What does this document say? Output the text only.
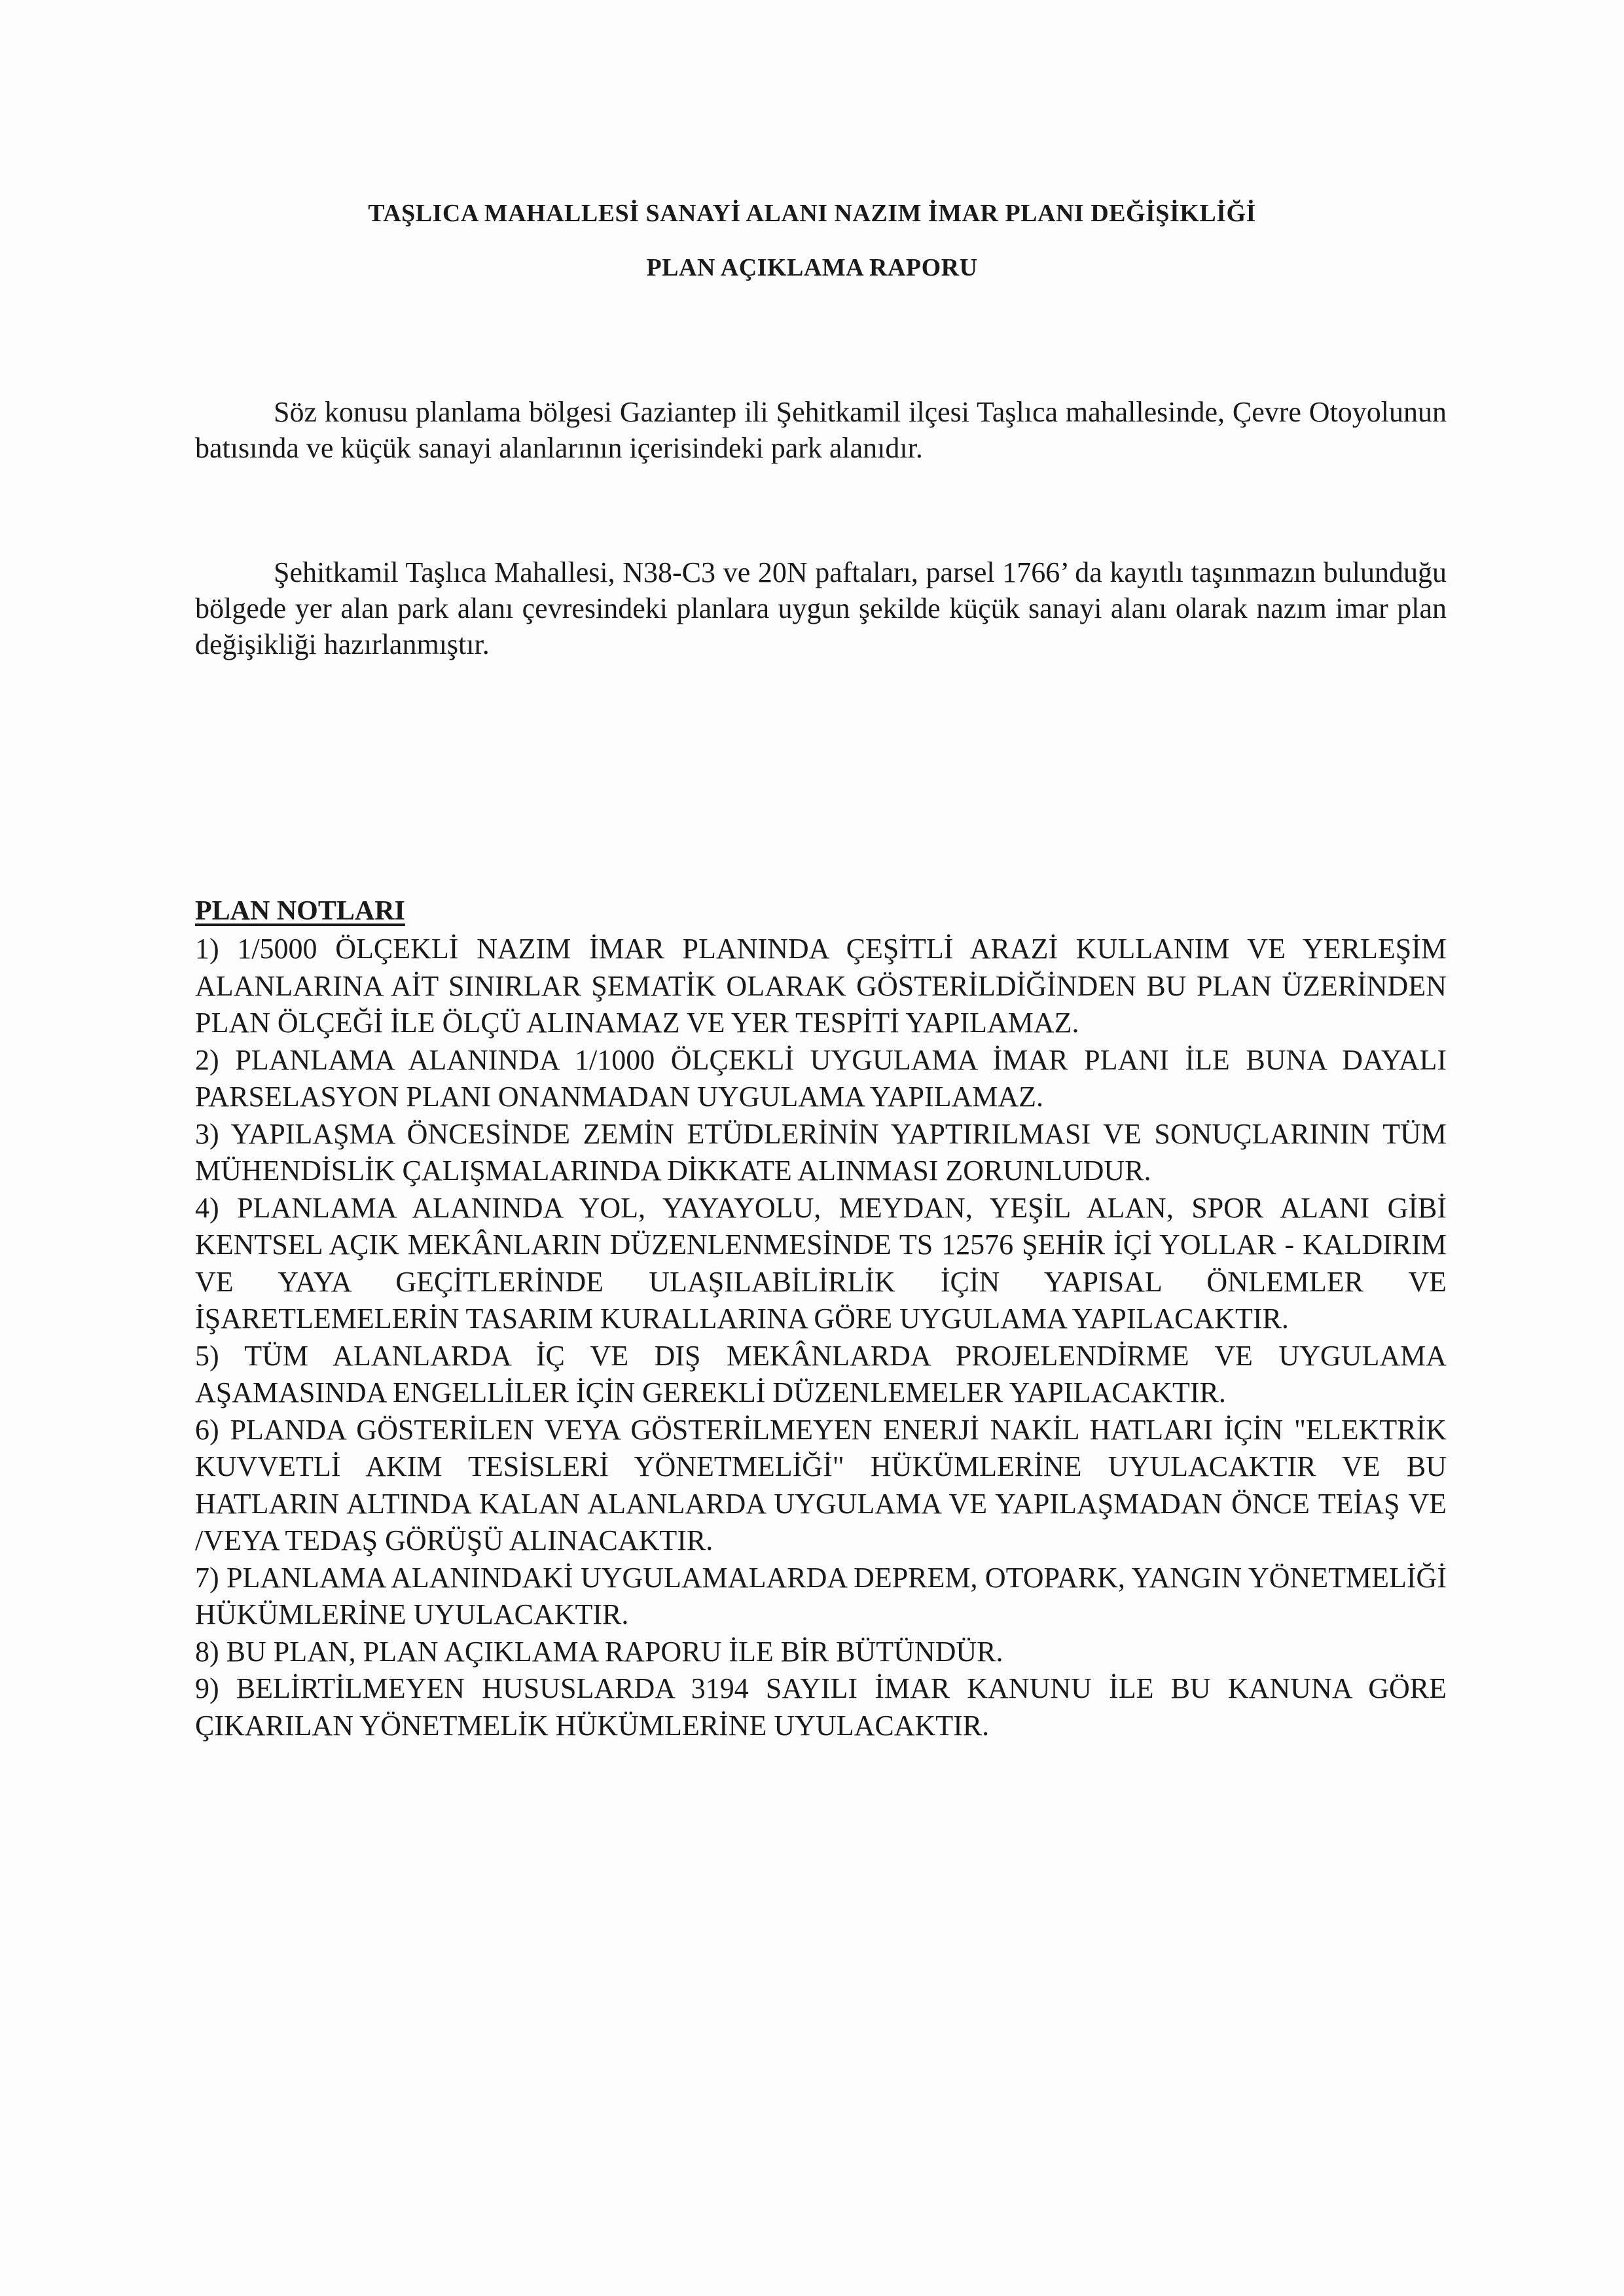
TAŞLICA MAHALLESİ SANAYİ ALANI NAZIM İMAR PLANI DEĞİŞİKLİĞİ
PLAN AÇIKLAMA RAPORU

Söz konusu planlama bölgesi Gaziantep ili Şehitkamil ilçesi Taşlıca mahallesinde, Çevre Otoyolunun batısında ve küçük sanayi alanlarının içerisindeki park alanıdır.

Şehitkamil Taşlıca Mahallesi, N38-C3 ve 20N paftaları, parsel 1766’ da kayıtlı taşınmazın bulunduğu bölgede yer alan park alanı çevresindeki planlara uygun şekilde küçük sanayi alanı olarak nazım imar plan değişikliği hazırlanmıştır.

PLAN NOTLARI
1) 1/5000 ÖLÇEKLİ NAZIM İMAR PLANINDA ÇEŞİTLİ ARAZİ KULLANIM VE YERLEŞİM ALANLARINA AİT SINIRLAR ŞEMATİK OLARAK GÖSTERİLDİĞİNDEN BU PLAN ÜZERİNDEN PLAN ÖLÇEĞİ İLE ÖLÇÜ ALINAMAZ VE YER TESPİTİ YAPILAMAZ.
2) PLANLAMA ALANINDA 1/1000 ÖLÇEKLİ UYGULAMA İMAR PLANI İLE BUNA DAYALI PARSELASYON PLANI ONANMADAN UYGULAMA YAPILAMAZ.
3) YAPILAŞMA ÖNCESİNDE ZEMİN ETÜDLERİNİN YAPTIRILMASI VE SONUÇLARININ TÜM MÜHENDİSLİK ÇALIŞMALARINDA DİKKATE ALINMASI ZORUNLUDUR.
4) PLANLAMA ALANINDA YOL, YAYAYOLU, MEYDAN, YEŞİL ALAN, SPOR ALANI GİBİ KENTSEL AÇIK MEKÂNLARIN DÜZENLENMESİNDE TS 12576 ŞEHİR İÇİ YOLLAR - KALDIRIM VE YAYA GEÇİTLERİNDE ULAŞILABİLİRLİK İÇİN YAPISAL ÖNLEMLER VE İŞARETLEMELERİN TASARIM KURALLARINA GÖRE UYGULAMA YAPILACAKTIR.
5) TÜM ALANLARDA İÇ VE DIŞ MEKÂNLARDA PROJELENDİRME VE UYGULAMA AŞAMASINDA ENGELLİLER İÇİN GEREKLİ DÜZENLEMELER YAPILACAKTIR.
6) PLANDA GÖSTERİLEN VEYA GÖSTERİLMEYEN ENERJİ NAKİL HATLARI İÇİN "ELEKTRİK KUVVETLİ AKIM TESİSLERİ YÖNETMELİĞİ" HÜKÜMLERİNE UYULACAKTIR VE BU HATLARIN ALTINDA KALAN ALANLARDA UYGULAMA VE YAPILAŞMADAN ÖNCE TEİAŞ VE /VEYA TEDAŞ GÖRÜŞÜ ALINACAKTIR.
7) PLANLAMA ALANINDAKİ UYGULAMALARDA DEPREM, OTOPARK, YANGIN YÖNETMELİĞİ HÜKÜMLERİNE UYULACAKTIR.
8) BU PLAN, PLAN AÇIKLAMA RAPORU İLE BİR BÜTÜNDÜR.
9) BELİRTİLMEYEN HUSUSLARDA 3194 SAYILI İMAR KANUNU İLE BU KANUNA GÖRE ÇIKARILAN YÖNETMELİK HÜKÜMLERİNE UYULACAKTIR.
